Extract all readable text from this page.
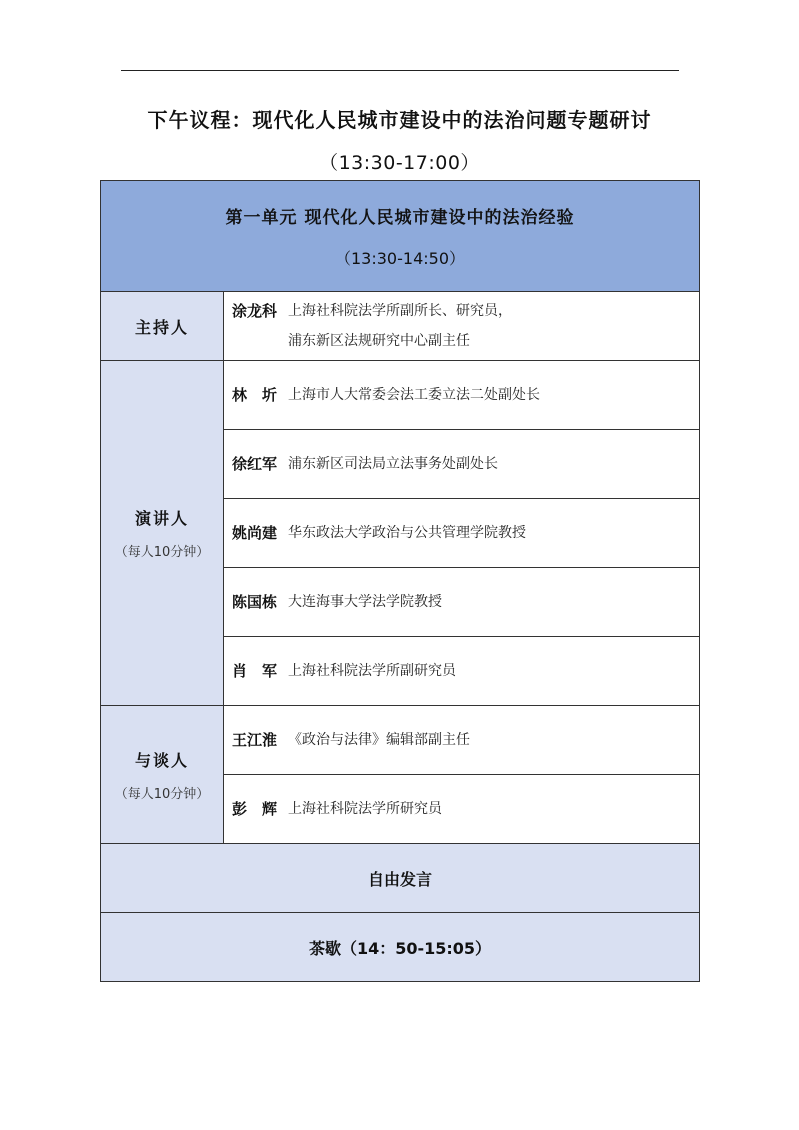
下午议程：现代化人民城市建设中的法治问题专题研讨
（13:30-17:00）
第一单元 现代化人民城市建设中的法治经验
（13:30-14:50）	

主持人	涂龙科 上海社科院法学所副所长、研究员，
浦东新区法规研究中心副主任

演讲人
（每人10分钟）	林　圻 上海市人大常委会法工委立法二处副处长

	徐红军 浦东新区司法局立法事务处副处长

	姚尚建 华东政法大学政治与公共管理学院教授

	陈国栋 大连海事大学法学院教授

	肖　军 上海社科院法学所副研究员

与谈人
（每人10分钟）	王江淮 《政治与法律》编辑部副主任

	彭　辉 上海社科院法学所研究员

自由发言	
茶歇（14：50-15:05）	
